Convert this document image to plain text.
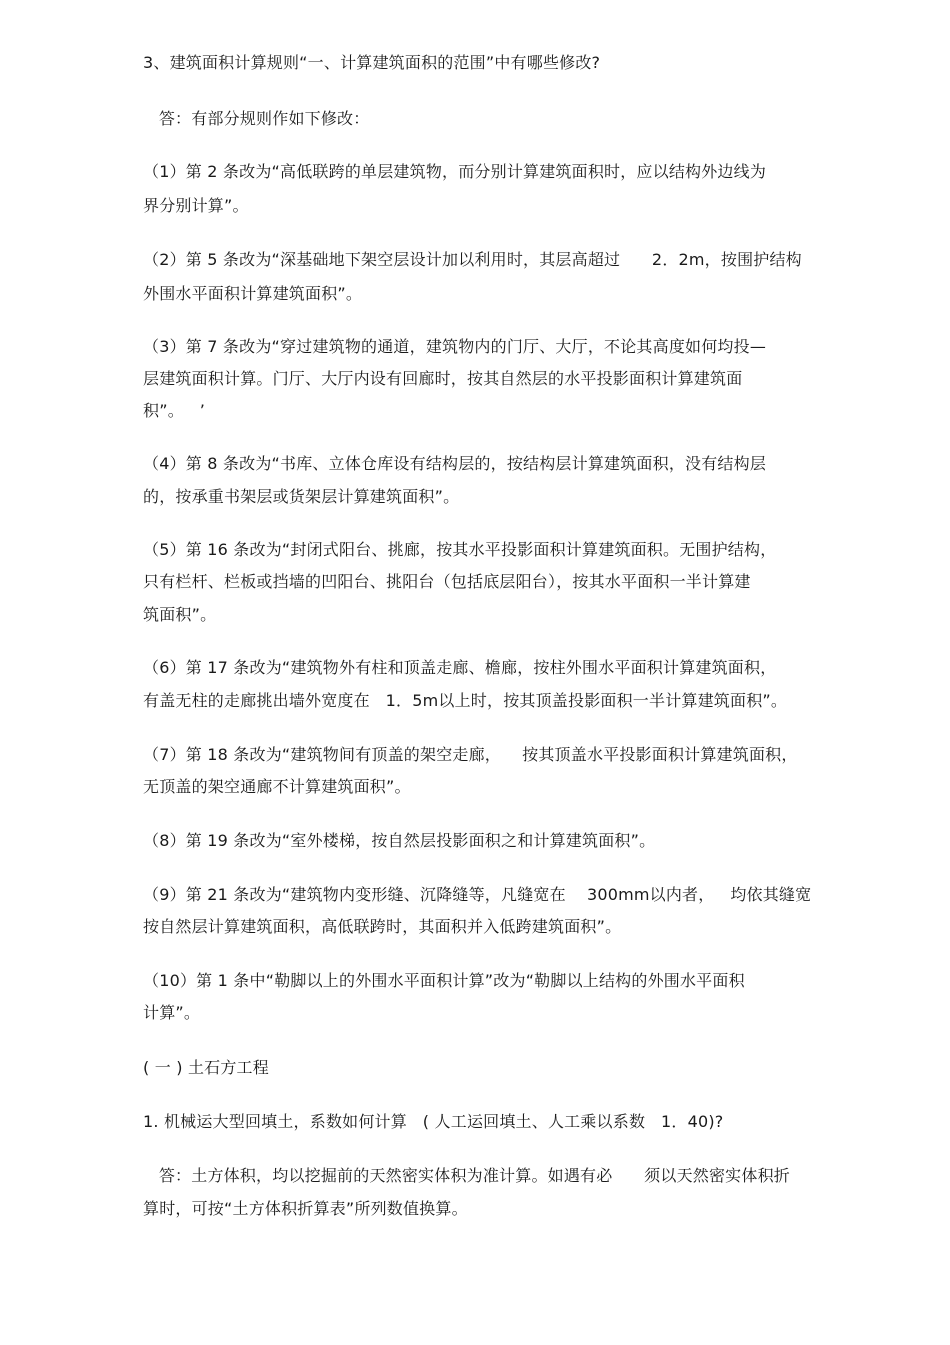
3、建筑面积计算规则“一、计算建筑面积的范围”中有哪些修改?
答：有部分规则作如下修改：
（1）第 2 条改为“高低联跨的单层建筑物，而分别计算建筑面积时，应以结构外边线为
界分别计算”。
（2）第 5 条改为“深基础地下架空层设计加以利用时，其层高超过      2．2m，按围护结构
外围水平面积计算建筑面积”。
（3）第 7 条改为“穿过建筑物的通道，建筑物内的门厅、大厅，不论其高度如何均投—
层建筑面积计算。门厅、大厅内设有回廊时，按其自然层的水平投影面积计算建筑面
积”。   ’
（4）第 8 条改为“书库、立体仓库设有结构层的，按结构层计算建筑面积，没有结构层
的，按承重书架层或货架层计算建筑面积”。
（5）第 16 条改为“封闭式阳台、挑廊，按其水平投影面积计算建筑面积。无围护结构，
只有栏杆、栏板或挡墙的凹阳台、挑阳台（包括底层阳台），按其水平面积一半计算建
筑面积”。
（6）第 17 条改为“建筑物外有柱和顶盖走廊、檐廊，按柱外围水平面积计算建筑面积，
有盖无柱的走廊挑出墙外宽度在   1．5m以上时，按其顶盖投影面积一半计算建筑面积”。
（7）第 18 条改为“建筑物间有顶盖的架空走廊，    按其顶盖水平投影面积计算建筑面积，
无顶盖的架空通廊不计算建筑面积”。
（8）第 19 条改为“室外楼梯，按自然层投影面积之和计算建筑面积”。
（9）第 21 条改为“建筑物内变形缝、沉降缝等，凡缝宽在    300mm以内者，   均依其缝宽
按自然层计算建筑面积，高低联跨时，其面积并入低跨建筑面积”。
（10）第 1 条中“勒脚以上的外围水平面积计算”改为“勒脚以上结构的外围水平面积
计算”。
( 一 ) 土石方工程
1. 机械运大型回填土，系数如何计算   ( 人工运回填土、人工乘以系数   1．40)?
答：土方体积，均以挖掘前的天然密实体积为准计算。如遇有必      须以天然密实体积折
算时，可按“土方体积折算表”所列数值换算。
